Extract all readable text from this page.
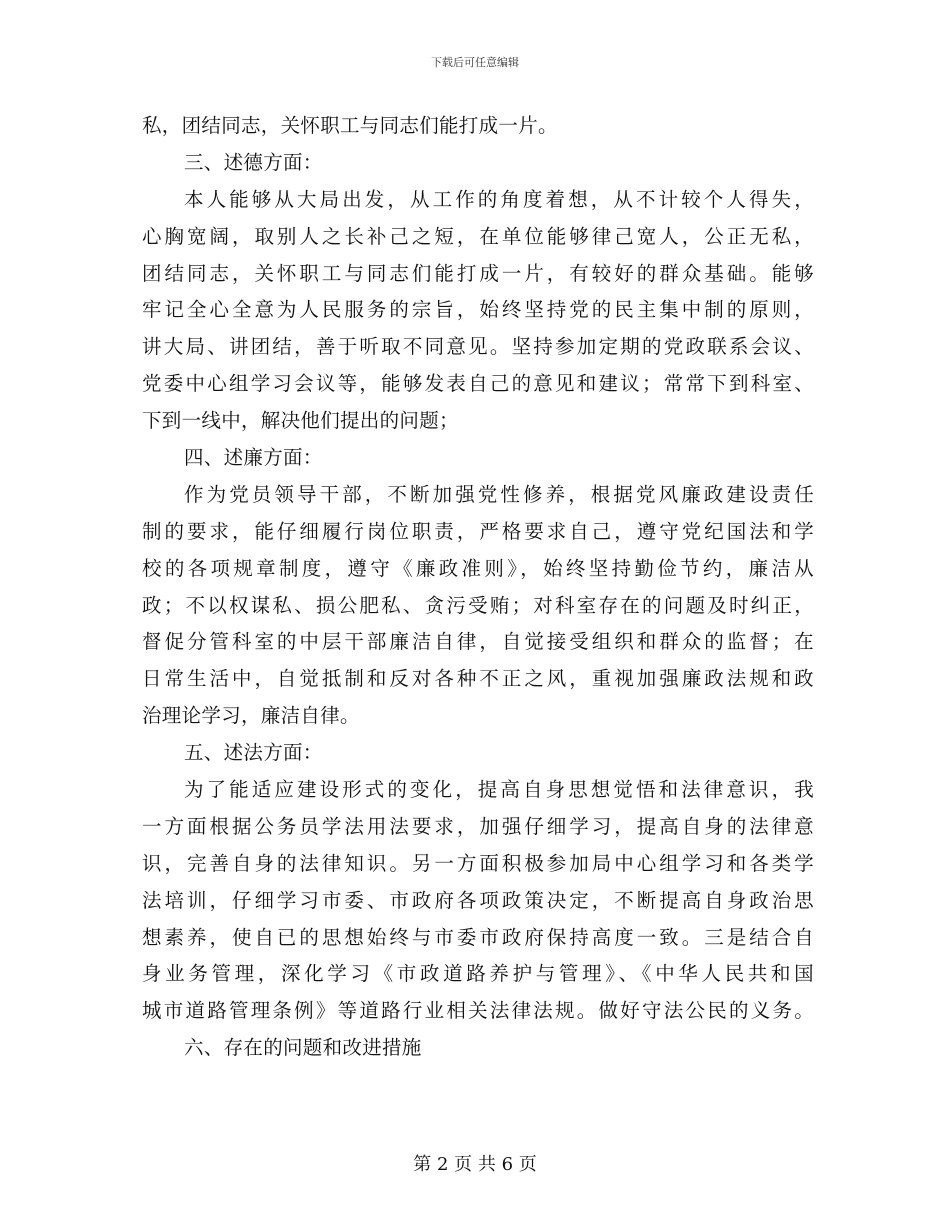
下载后可任意编辑
私，团结同志，关怀职工与同志们能打成一片。
三、述德方面：
本人能够从大局出发，从工作的角度着想，从不计较个人得失，
心胸宽阔，取别人之长补己之短，在单位能够律己宽人，公正无私，
团结同志，关怀职工与同志们能打成一片，有较好的群众基础。能够
牢记全心全意为人民服务的宗旨，始终坚持党的民主集中制的原则，
讲大局、讲团结，善于听取不同意见。坚持参加定期的党政联系会议、
党委中心组学习会议等，能够发表自己的意见和建议；常常下到科室、
下到一线中，解决他们提出的问题；
四、述廉方面：
作为党员领导干部，不断加强党性修养，根据党风廉政建设责任
制的要求，能仔细履行岗位职责，严格要求自己，遵守党纪国法和学
校的各项规章制度，遵守《廉政准则》，始终坚持勤俭节约，廉洁从
政；不以权谋私、损公肥私、贪污受贿；对科室存在的问题及时纠正，
督促分管科室的中层干部廉洁自律，自觉接受组织和群众的监督；在
日常生活中，自觉抵制和反对各种不正之风，重视加强廉政法规和政
治理论学习，廉洁自律。
五、述法方面：
为了能适应建设形式的变化，提高自身思想觉悟和法律意识，我
一方面根据公务员学法用法要求，加强仔细学习，提高自身的法律意
识，完善自身的法律知识。另一方面积极参加局中心组学习和各类学
法培训，仔细学习市委、市政府各项政策决定，不断提高自身政治思
想素养，使自已的思想始终与市委市政府保持高度一致。三是结合自
身业务管理，深化学习《市政道路养护与管理》、《中华人民共和国
城市道路管理条例》等道路行业相关法律法规。做好守法公民的义务。
六、存在的问题和改进措施
第 2 页 共 6 页
